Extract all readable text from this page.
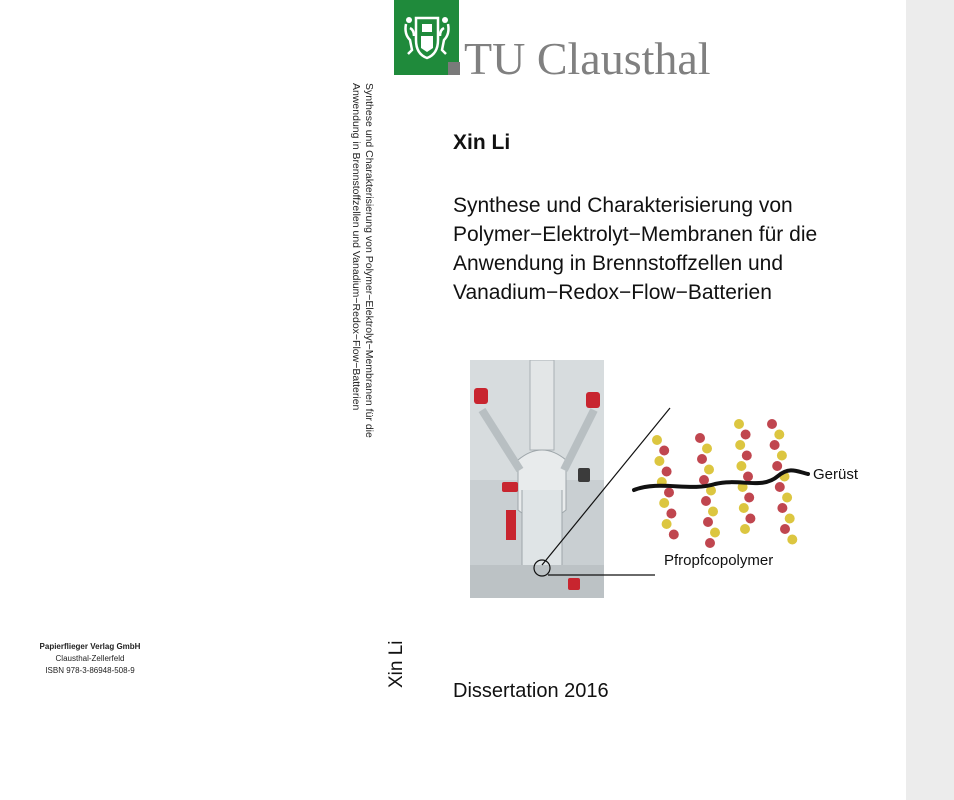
Papierflieger Verlag GmbH
Clausthal-Zellerfeld
ISBN 978-3-86948-508-9
Synthese und Charakterisierung von Polymer−Elektrolyt−Membranen für die
Anwendung in Brennstoffzellen und Vanadium−Redox−Flow−Batterien
Xin Li
TU Clausthal
Xin Li
Synthese und Charakterisierung von
Polymer−Elektrolyt−Membranen für die
Anwendung in Brennstoffzellen und
Vanadium−Redox−Flow−Batterien
Gerüst
Pfropfcopolymer
Dissertation 2016
